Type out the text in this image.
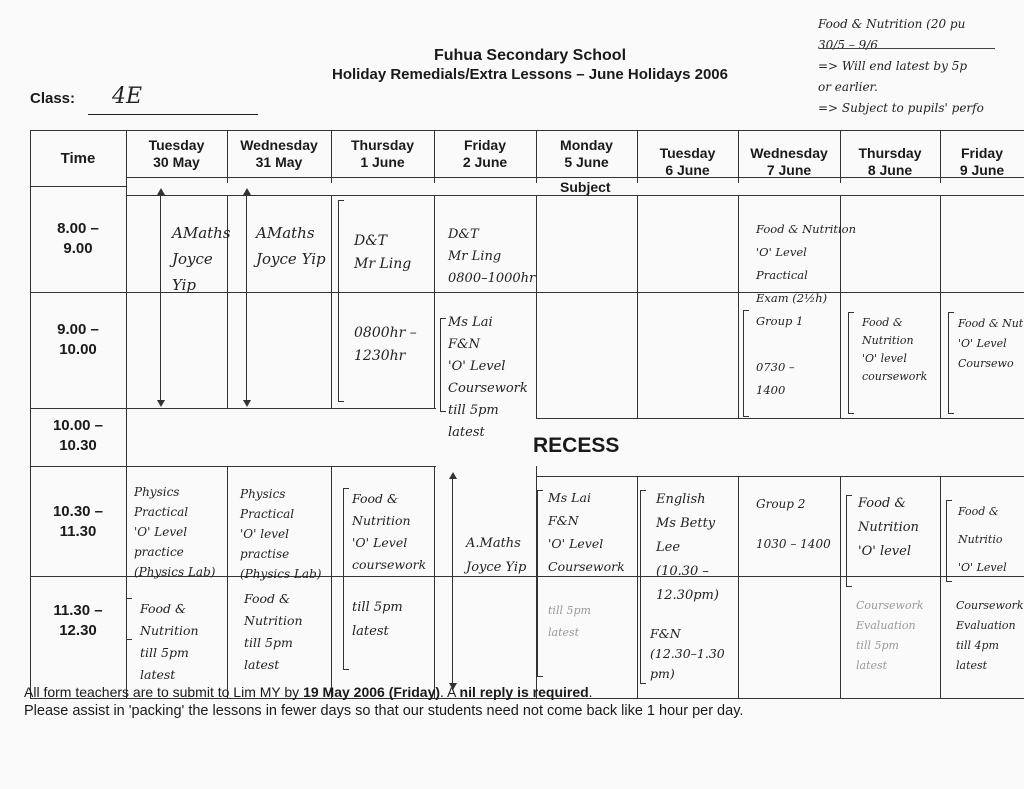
Fuhua Secondary School
Holiday Remedials/Extra Lessons – June Holidays 2006
Class: 4E
Food & Nutrition (20 pu
30/5 – 9/6
=> Will end latest by 5p
or earlier.
=> Subject to pupils' perfo
Time
Tuesday
30 May
Wednesday
31 May
Thursday
1 June
Friday
2 June
Monday
5 June
Tuesday
6 June
Wednesday
7 June
Thursday
8 June
Friday
9 June
Subject
8.00 –
9.00
9.00 –
10.00
10.00 –
10.30
10.30 –
11.30
11.30 –
12.30
RECESS
AMaths
Joyce
Yip
AMaths
Joyce Yip
D&T
Mr Ling

0800hr –
1230hr
D&T
Mr Ling
0800–1000hr

Ms Lai
F&N
'O' Level
Coursework
till 5pm
latest
Food & Nutrition
'O' Level
Practical
Exam (2½h)
Group 1

0730 –
1400
Food &
Nutrition
'O' level
coursework
Food & Nut
'O' Level
Coursewo
Physics
Practical
'O' Level
practice
(Physics Lab)
Physics
Practical
'O' level
practise
(Physics Lab)
Food &
Nutrition
'O' Level
coursework
A.Maths
Joyce Yip
Ms Lai
F&N
'O' Level
Coursework
till 5pm
latest
English
Ms Betty
Lee
(10.30 –
12.30pm)
F&N
(12.30–1.30
pm)
Group 2

1030 – 1400
Food &
Nutrition
'O' level
Coursework
Evaluation
till 5pm
latest
Food &
Nutritio
'O' Level
Coursework
Evaluation
till 4pm
latest
Food &
Nutrition
till 5pm
latest
Food &
Nutrition
till 5pm
latest
till 5pm
latest
All form teachers are to submit to Lim MY by 19 May 2006 (Friday). A nil reply is required.
Please assist in 'packing' the lessons in fewer days so that our students need not come back like 1 hour per day.
